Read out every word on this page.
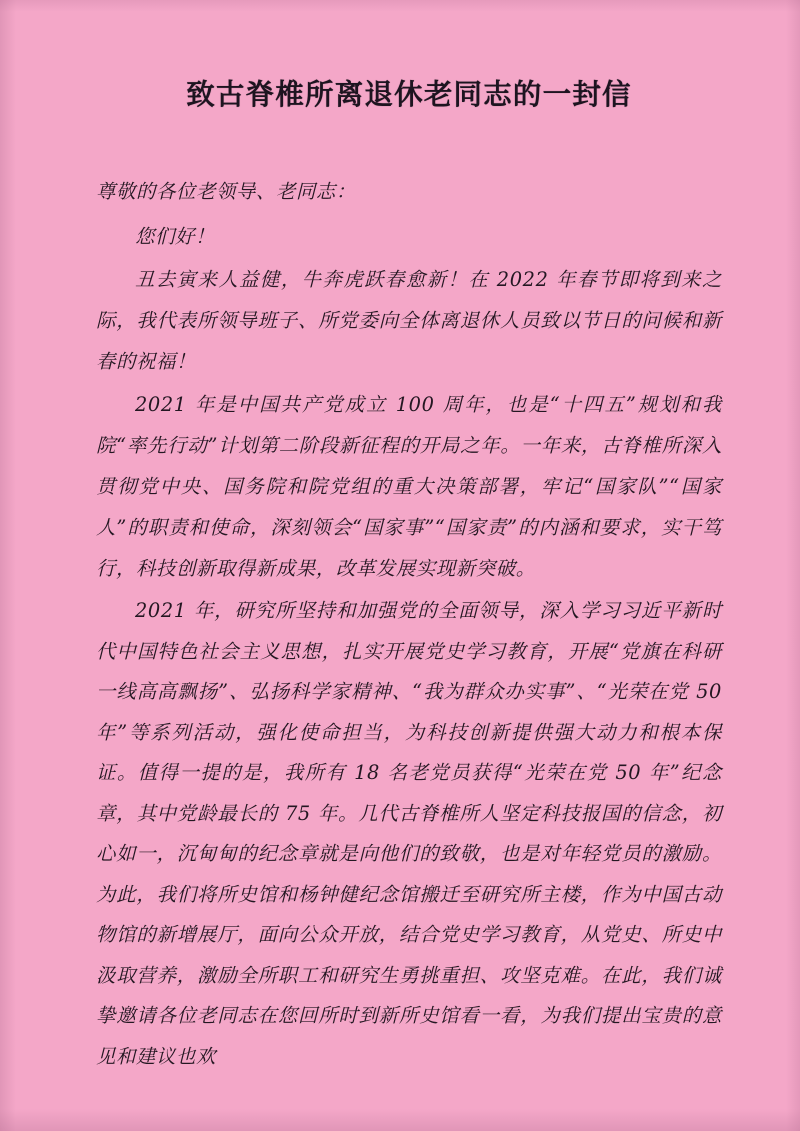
致古脊椎所离退休老同志的一封信

尊敬的各位老领导、老同志：

您们好！

丑去寅来人益健，牛奔虎跃春愈新！在 2022 年春节即将到来之际，我代表所领导班子、所党委向全体离退休人员致以节日的问候和新春的祝福！

2021 年是中国共产党成立 100 周年，也是“十四五”规划和我院“率先行动”计划第二阶段新征程的开局之年。一年来，古脊椎所深入贯彻党中央、国务院和院党组的重大决策部署，牢记“国家队”“国家人”的职责和使命，深刻领会“国家事”“国家责”的内涵和要求，实干笃行，科技创新取得新成果，改革发展实现新突破。

2021 年，研究所坚持和加强党的全面领导，深入学习习近平新时代中国特色社会主义思想，扎实开展党史学习教育，开展“党旗在科研一线高高飘扬”、弘扬科学家精神、“我为群众办实事”、“光荣在党 50 年”等系列活动，强化使命担当，为科技创新提供强大动力和根本保证。值得一提的是，我所有 18 名老党员获得“光荣在党 50 年”纪念章，其中党龄最长的 75 年。几代古脊椎所人坚定科技报国的信念，初心如一，沉甸甸的纪念章就是向他们的致敬，也是对年轻党员的激励。为此，我们将所史馆和杨钟健纪念馆搬迁至研究所主楼，作为中国古动物馆的新增展厅，面向公众开放，结合党史学习教育，从党史、所史中汲取营养，激励全所职工和研究生勇挑重担、攻坚克难。在此，我们诚挚邀请各位老同志在您回所时到新所史馆看一看，为我们提出宝贵的意见和建议也欢
